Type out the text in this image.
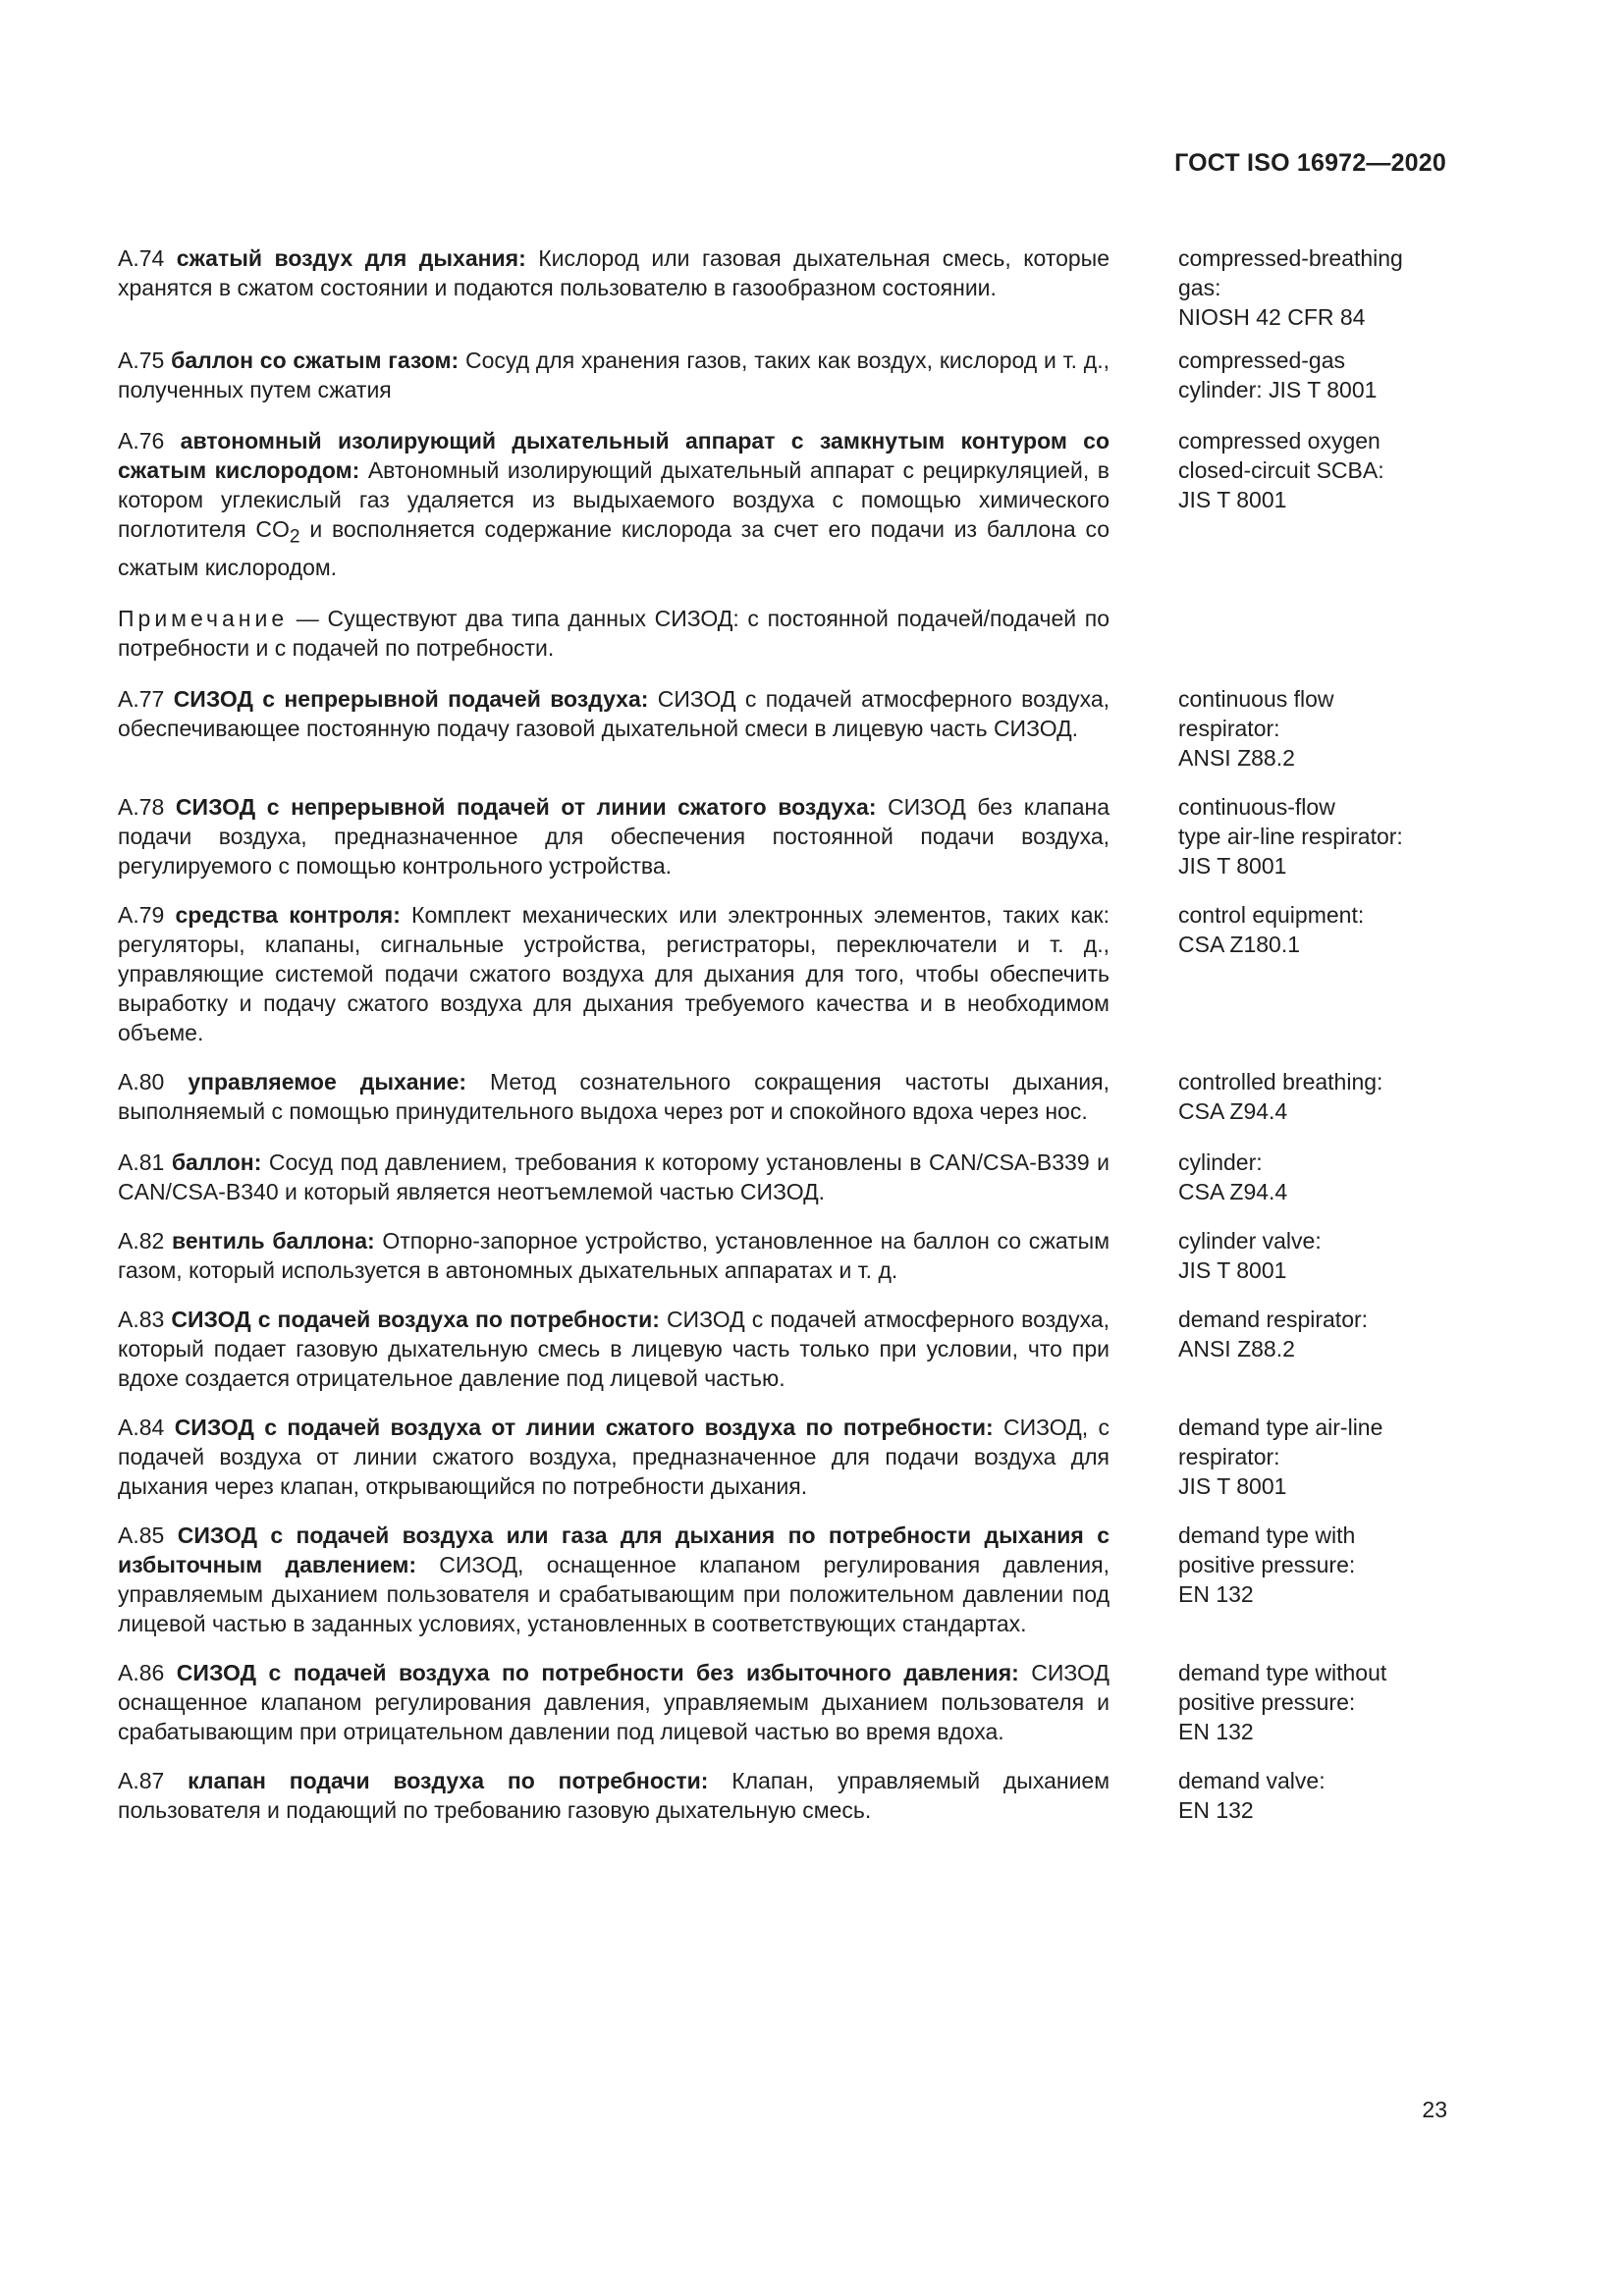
ГОСТ ISO 16972—2020
A.74 сжатый воздух для дыхания: Кислород или газовая дыхательная смесь, которые хранятся в сжатом состоянии и подаются пользователю в газообразном состоянии.
compressed-breathing
gas:
NIOSH 42 CFR 84
A.75 баллон со сжатым газом: Сосуд для хранения газов, таких как воздух, кислород и т. д., полученных путем сжатия
compressed-gas
cylinder: JIS T 8001
A.76 автономный изолирующий дыхательный аппарат с замкнутым контуром со сжатым кислородом: Автономный изолирующий дыхательный аппарат с рециркуляцией, в котором углекислый газ удаляется из выдыхаемого воздуха с помощью химического поглотителя $CO_2$ и восполняется содержание кислорода за счет его подачи из баллона со сжатым кислородом.
compressed oxygen
closed-circuit SCBA:
JIS T 8001
Примечание — Существуют два типа данных СИЗОД: с постоянной подачей/подачей по потребности и с подачей по потребности.
A.77 СИЗОД с непрерывной подачей воздуха: СИЗОД с подачей атмосферного воздуха, обеспечивающее постоянную подачу газовой дыхательной смеси в лицевую часть СИЗОД.
continuous flow
respirator:
ANSI Z88.2
A.78 СИЗОД с непрерывной подачей от линии сжатого воздуха: СИЗОД без клапана подачи воздуха, предназначенное для обеспечения постоянной подачи воздуха, регулируемого с помощью контрольного устройства.
continuous-flow
type air-line respirator:
JIS T 8001
A.79 средства контроля: Комплект механических или электронных элементов, таких как: регуляторы, клапаны, сигнальные устройства, регистраторы, переключатели и т. д., управляющие системой подачи сжатого воздуха для дыхания для того, чтобы обеспечить выработку и подачу сжатого воздуха для дыхания требуемого качества и в необходимом объеме.
control equipment:
CSA Z180.1
A.80 управляемое дыхание: Метод сознательного сокращения частоты дыхания, выполняемый с помощью принудительного выдоха через рот и спокойного вдоха через нос.
controlled breathing:
CSA Z94.4
A.81 баллон: Сосуд под давлением, требования к которому установлены в CAN/CSA-B339 и CAN/CSA-B340 и который является неотъемлемой частью СИЗОД.
cylinder:
CSA Z94.4
A.82 вентиль баллона: Отпорно-запорное устройство, установленное на баллон со сжатым газом, который используется в автономных дыхательных аппаратах и т. д.
cylinder valve:
JIS T 8001
A.83 СИЗОД с подачей воздуха по потребности: СИЗОД с подачей атмосферного воздуха, который подает газовую дыхательную смесь в лицевую часть только при условии, что при вдохе создается отрицательное давление под лицевой частью.
demand respirator:
ANSI Z88.2
A.84 СИЗОД с подачей воздуха от линии сжатого воздуха по потребности: СИЗОД, с подачей воздуха от линии сжатого воздуха, предназначенное для подачи воздуха для дыхания через клапан, открывающийся по потребности дыхания.
demand type air-line
respirator:
JIS T 8001
A.85 СИЗОД с подачей воздуха или газа для дыхания по потребности дыхания с избыточным давлением: СИЗОД, оснащенное клапаном регулирования давления, управляемым дыханием пользователя и срабатывающим при положительном давлении под лицевой частью в заданных условиях, установленных в соответствующих стандартах.
demand type with
positive pressure:
EN 132
A.86 СИЗОД с подачей воздуха по потребности без избыточного давления: СИЗОД оснащенное клапаном регулирования давления, управляемым дыханием пользователя и срабатывающим при отрицательном давлении под лицевой частью во время вдоха.
demand type without
positive pressure:
EN 132
A.87 клапан подачи воздуха по потребности: Клапан, управляемый дыханием пользователя и подающий по требованию газовую дыхательную смесь.
demand valve:
EN 132
23
